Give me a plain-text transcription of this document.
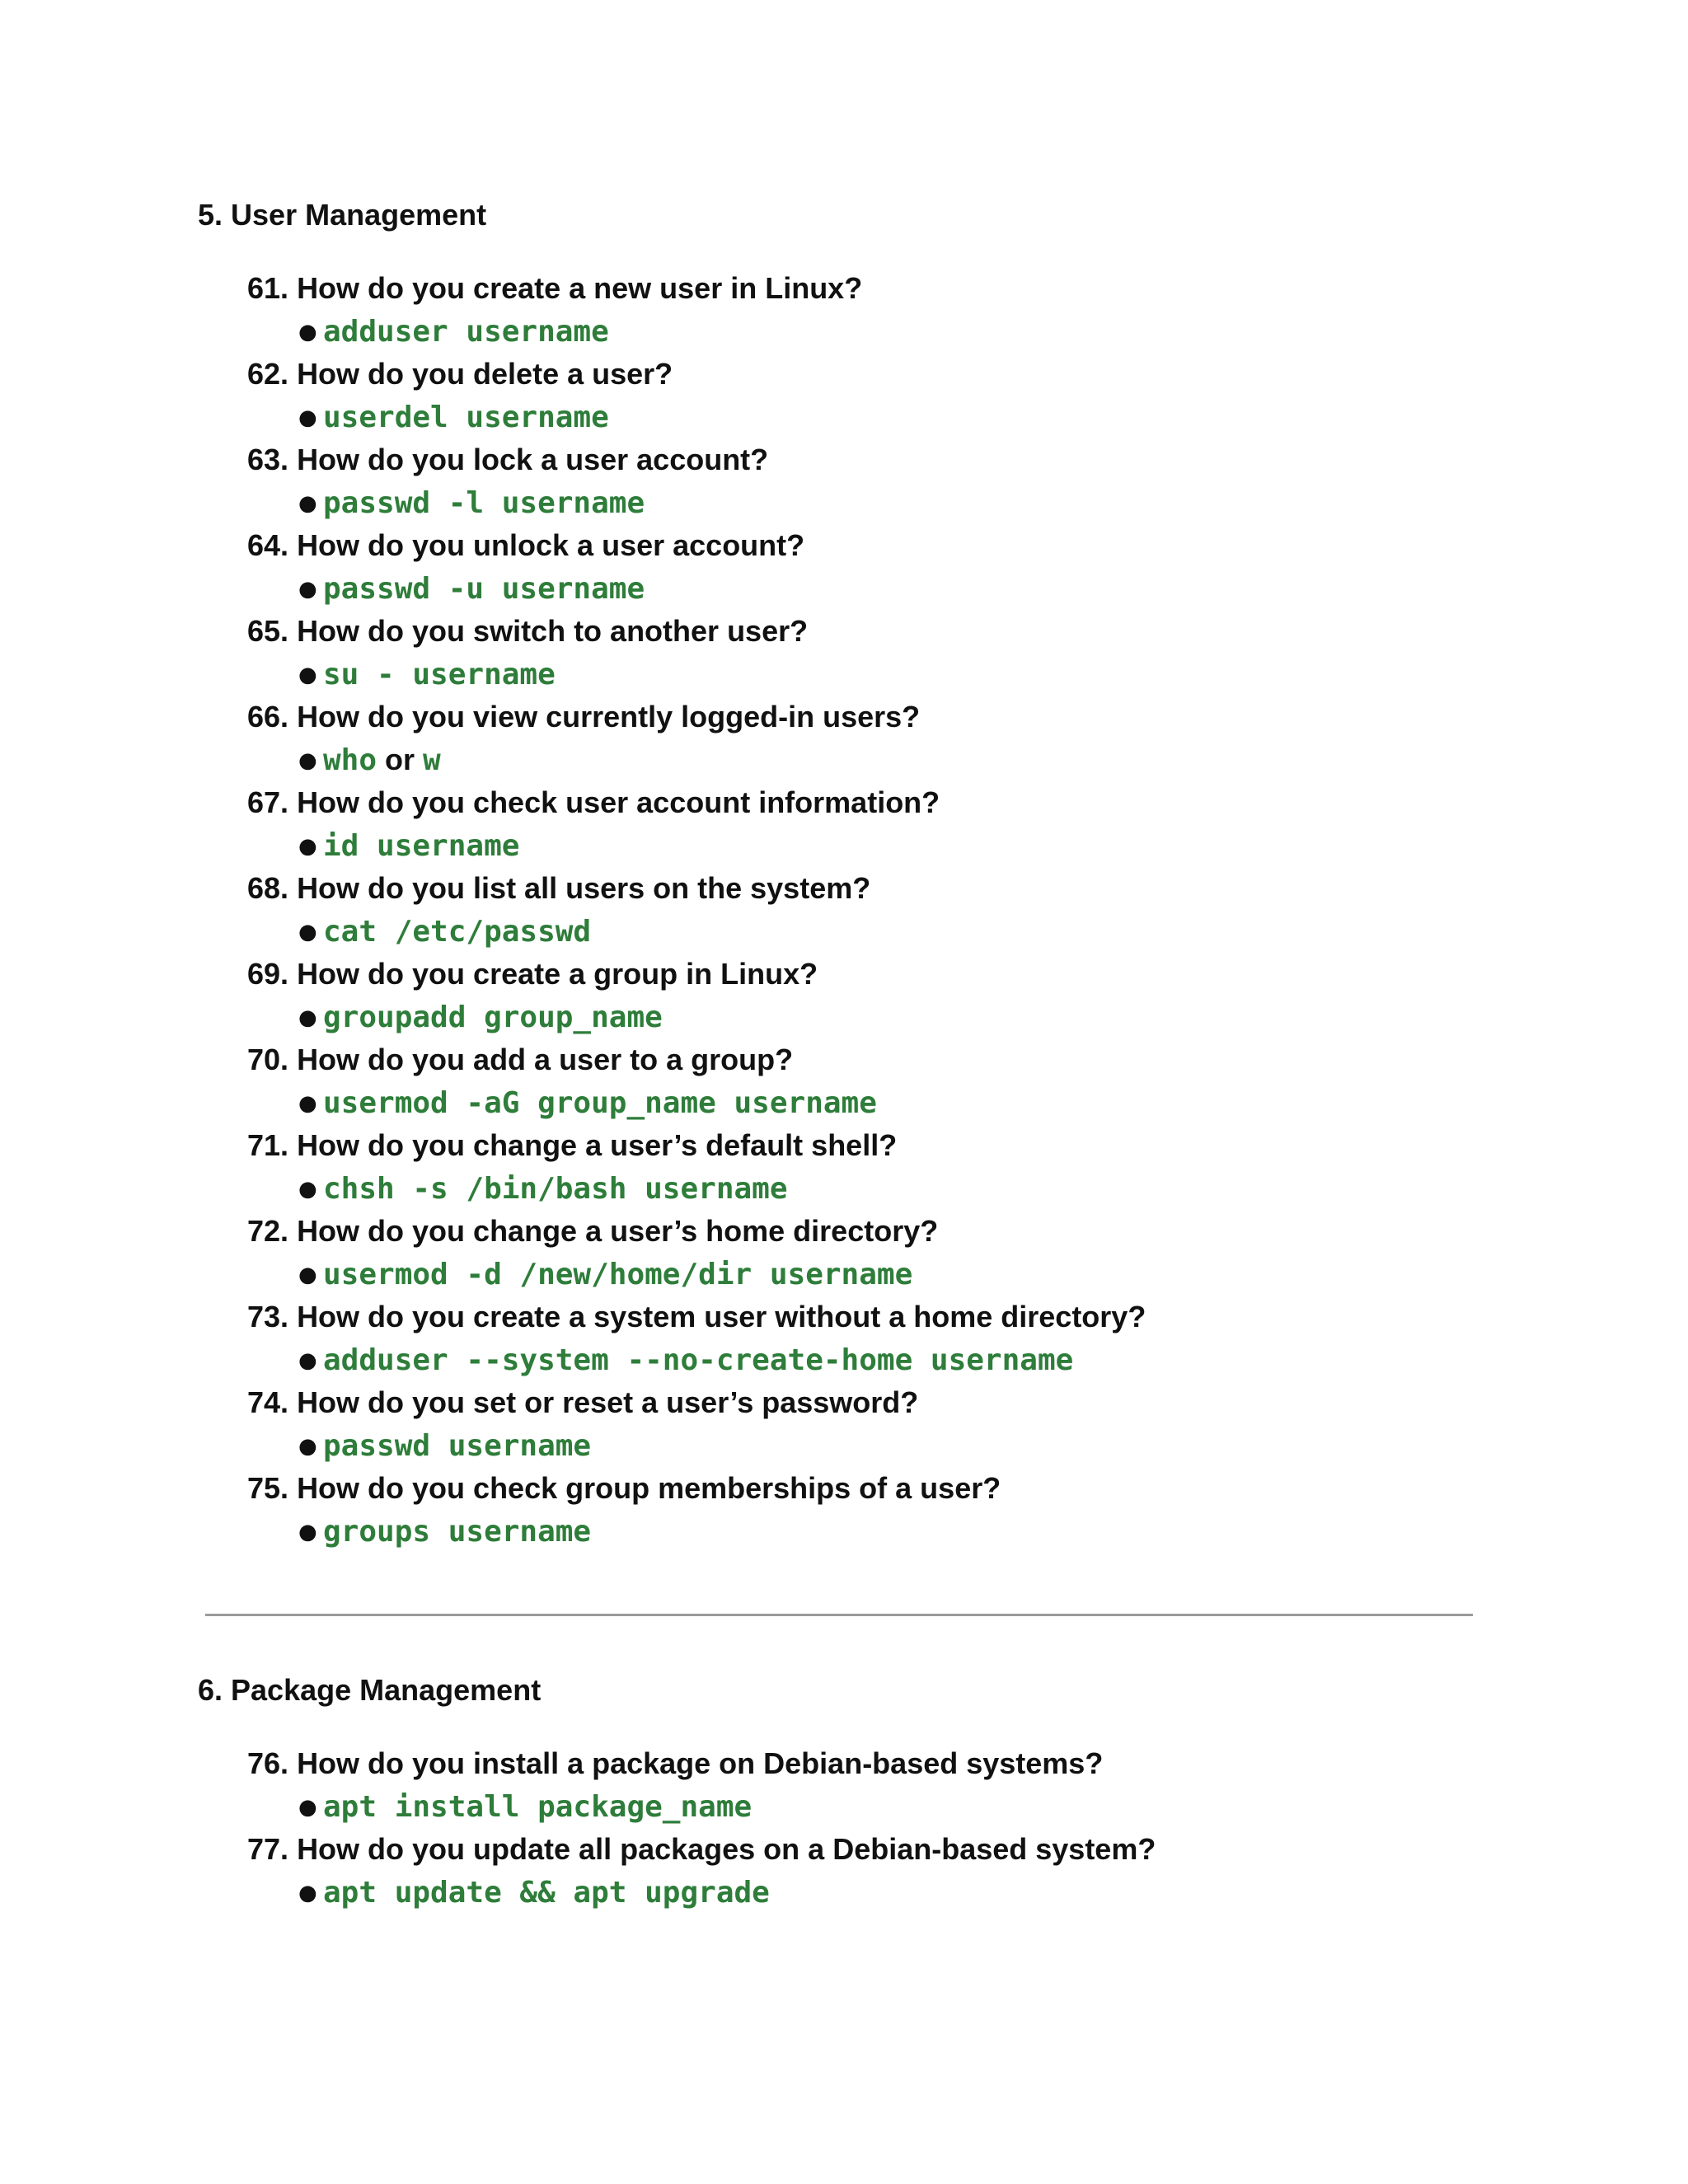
5. User Management
61. How do you create a new user in Linux?
● adduser username
62. How do you delete a user?
● userdel username
63. How do you lock a user account?
● passwd -l username
64. How do you unlock a user account?
● passwd -u username
65. How do you switch to another user?
● su - username
66. How do you view currently logged-in users?
● who or w
67. How do you check user account information?
● id username
68. How do you list all users on the system?
● cat /etc/passwd
69. How do you create a group in Linux?
● groupadd group_name
70. How do you add a user to a group?
● usermod -aG group_name username
71. How do you change a user’s default shell?
● chsh -s /bin/bash username
72. How do you change a user’s home directory?
● usermod -d /new/home/dir username
73. How do you create a system user without a home directory?
● adduser --system --no-create-home username
74. How do you set or reset a user’s password?
● passwd username
75. How do you check group memberships of a user?
● groups username
6. Package Management
76. How do you install a package on Debian-based systems?
● apt install package_name
77. How do you update all packages on a Debian-based system?
● apt update && apt upgrade
